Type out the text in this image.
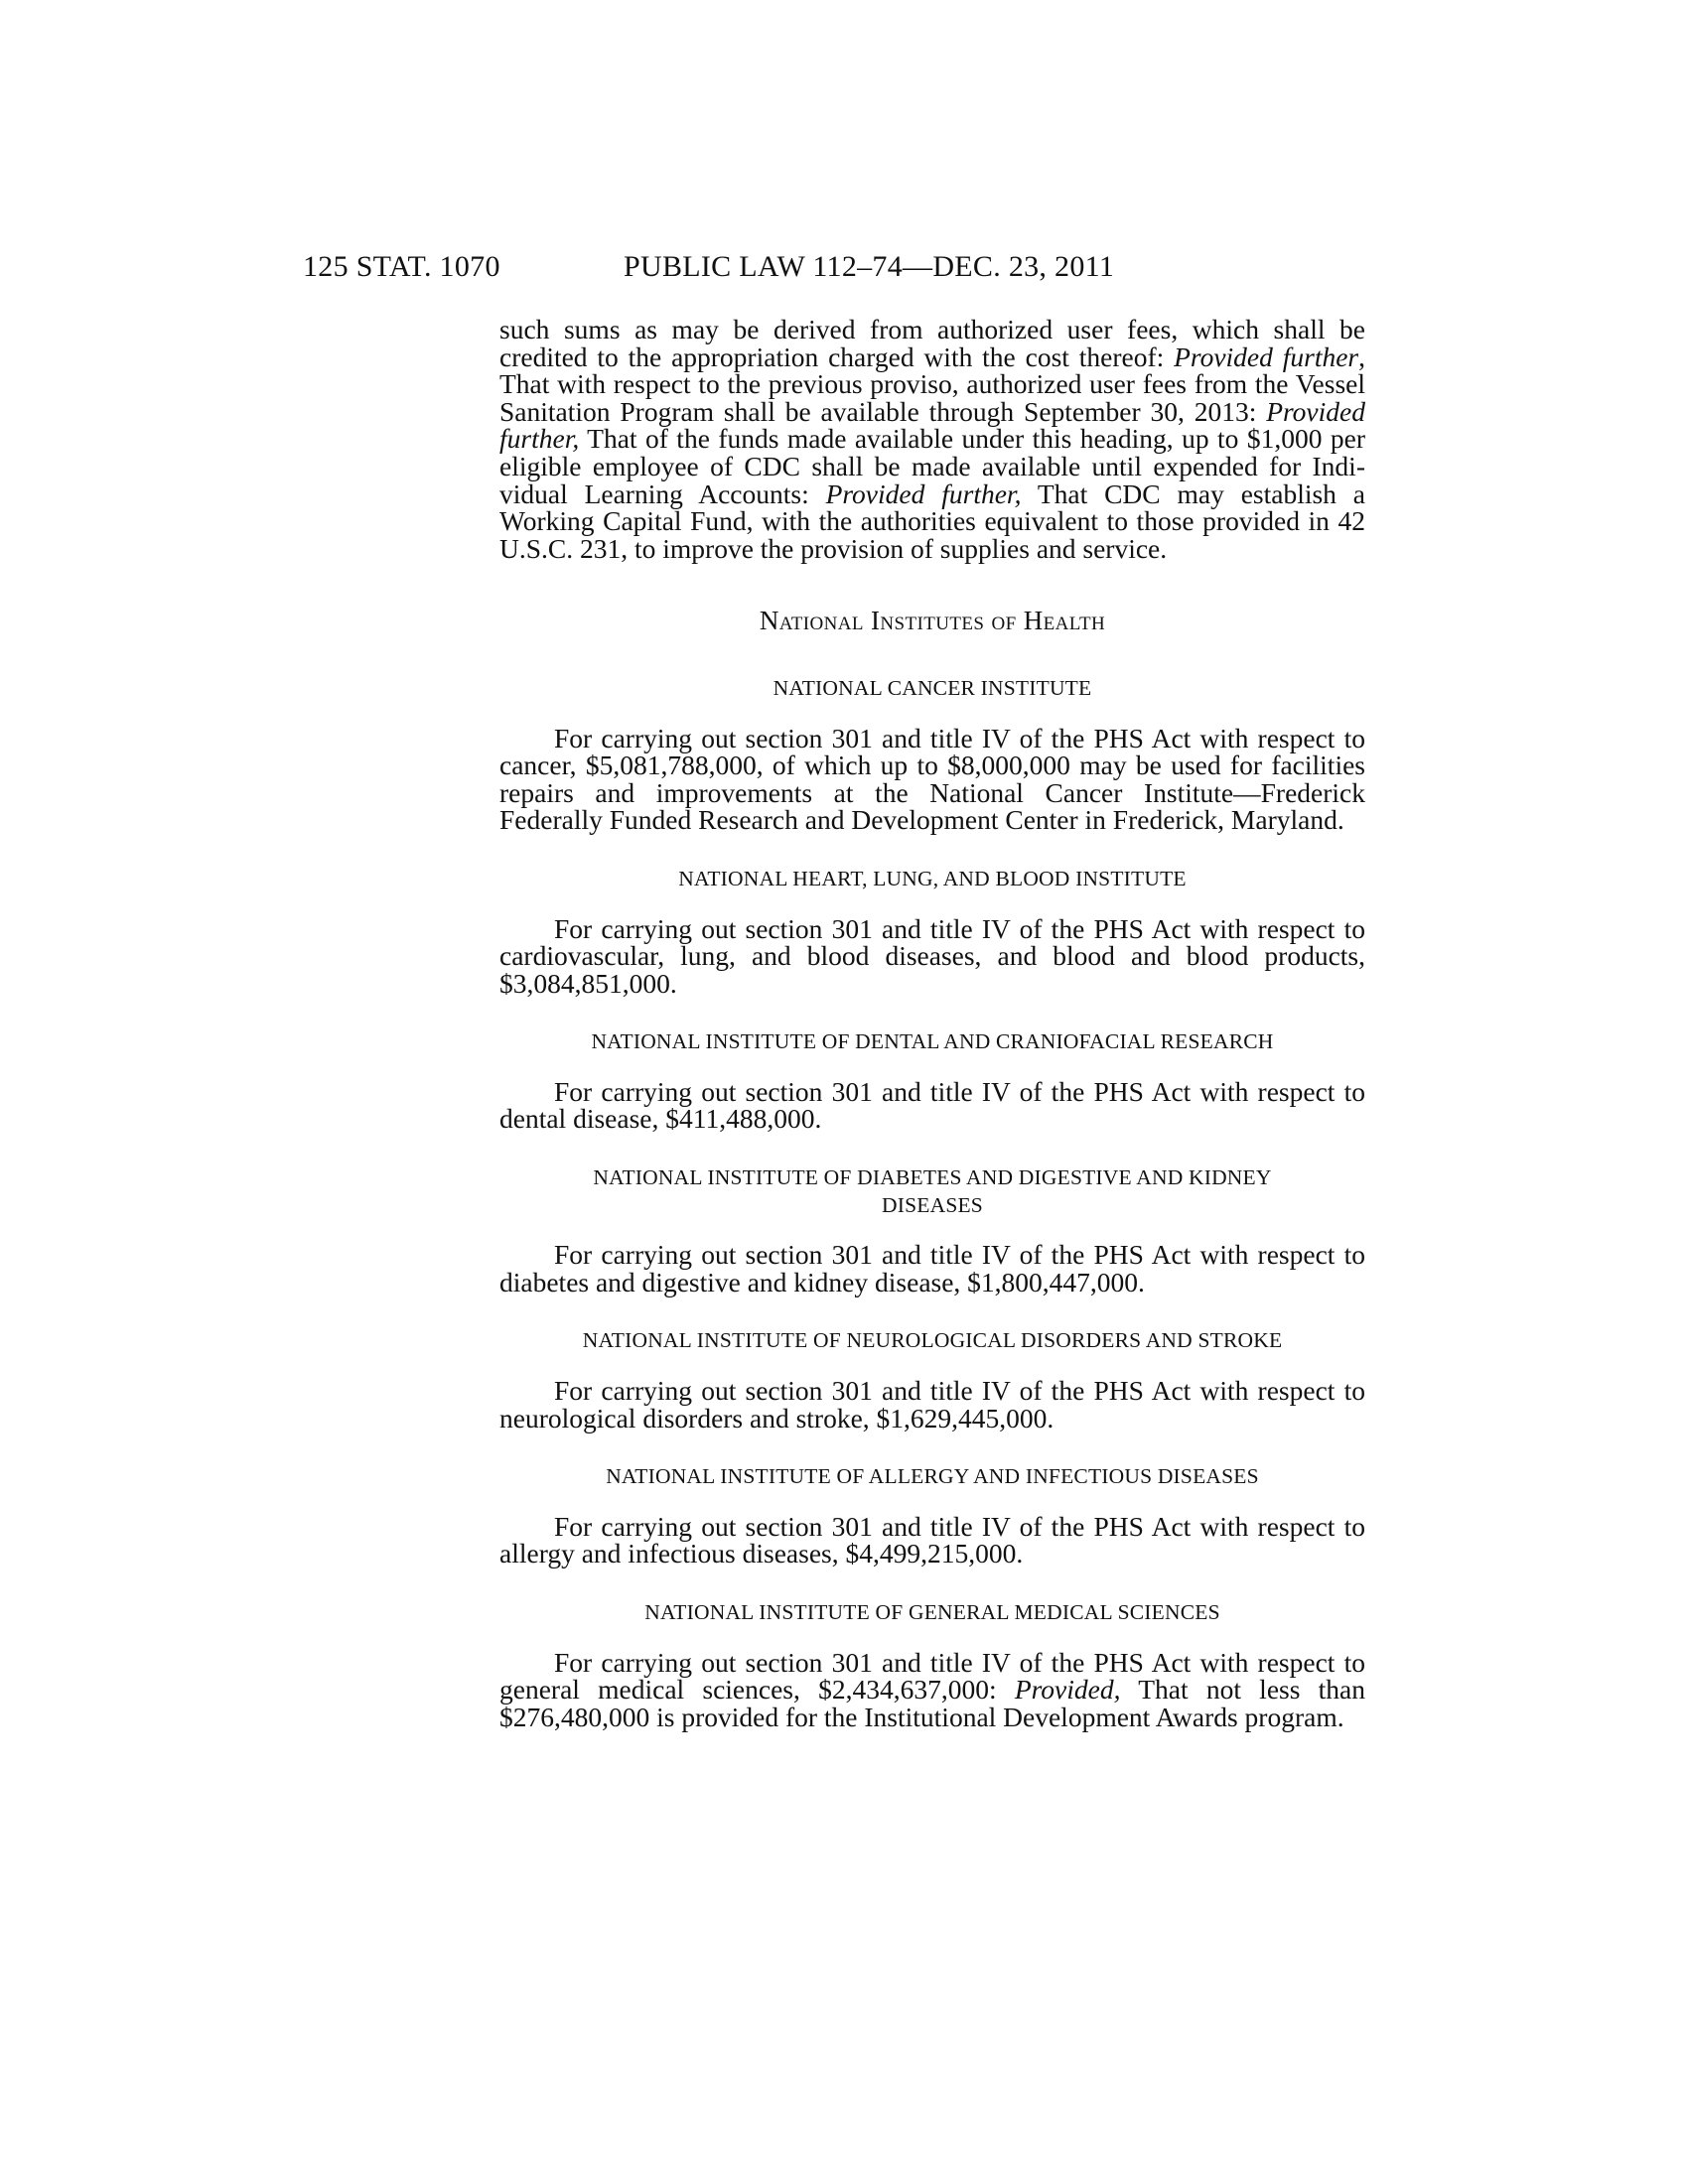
125 STAT. 1070	PUBLIC LAW 112–74—DEC. 23, 2011

such sums as may be derived from authorized user fees, which shall be credited to the appropriation charged with the cost thereof: Provided further, That with respect to the previous proviso, authorized user fees from the Vessel Sanitation Program shall be available through September 30, 2013: Provided further, That of the funds made available under this heading, up to $1,000 per eligible employee of CDC shall be made available until expended for Individual Learning Accounts: Provided further, That CDC may establish a Working Capital Fund, with the authorities equivalent to those provided in 42 U.S.C. 231, to improve the provision of supplies and service.

National Institutes of Health
NATIONAL CANCER INSTITUTE

For carrying out section 301 and title IV of the PHS Act with respect to cancer, $5,081,788,000, of which up to $8,000,000 may be used for facilities repairs and improvements at the National Cancer Institute—Frederick Federally Funded Research and Development Center in Frederick, Maryland.

NATIONAL HEART, LUNG, AND BLOOD INSTITUTE

For carrying out section 301 and title IV of the PHS Act with respect to cardiovascular, lung, and blood diseases, and blood and blood products, $3,084,851,000.

NATIONAL INSTITUTE OF DENTAL AND CRANIOFACIAL RESEARCH

For carrying out section 301 and title IV of the PHS Act with respect to dental disease, $411,488,000.

NATIONAL INSTITUTE OF DIABETES AND DIGESTIVE AND KIDNEY
DISEASES

For carrying out section 301 and title IV of the PHS Act with respect to diabetes and digestive and kidney disease, $1,800,447,000.

NATIONAL INSTITUTE OF NEUROLOGICAL DISORDERS AND STROKE

For carrying out section 301 and title IV of the PHS Act with respect to neurological disorders and stroke, $1,629,445,000.

NATIONAL INSTITUTE OF ALLERGY AND INFECTIOUS DISEASES

For carrying out section 301 and title IV of the PHS Act with respect to allergy and infectious diseases, $4,499,215,000.

NATIONAL INSTITUTE OF GENERAL MEDICAL SCIENCES

For carrying out section 301 and title IV of the PHS Act with respect to general medical sciences, $2,434,637,000: Provided, That not less than $276,480,000 is provided for the Institutional Development Awards program.
